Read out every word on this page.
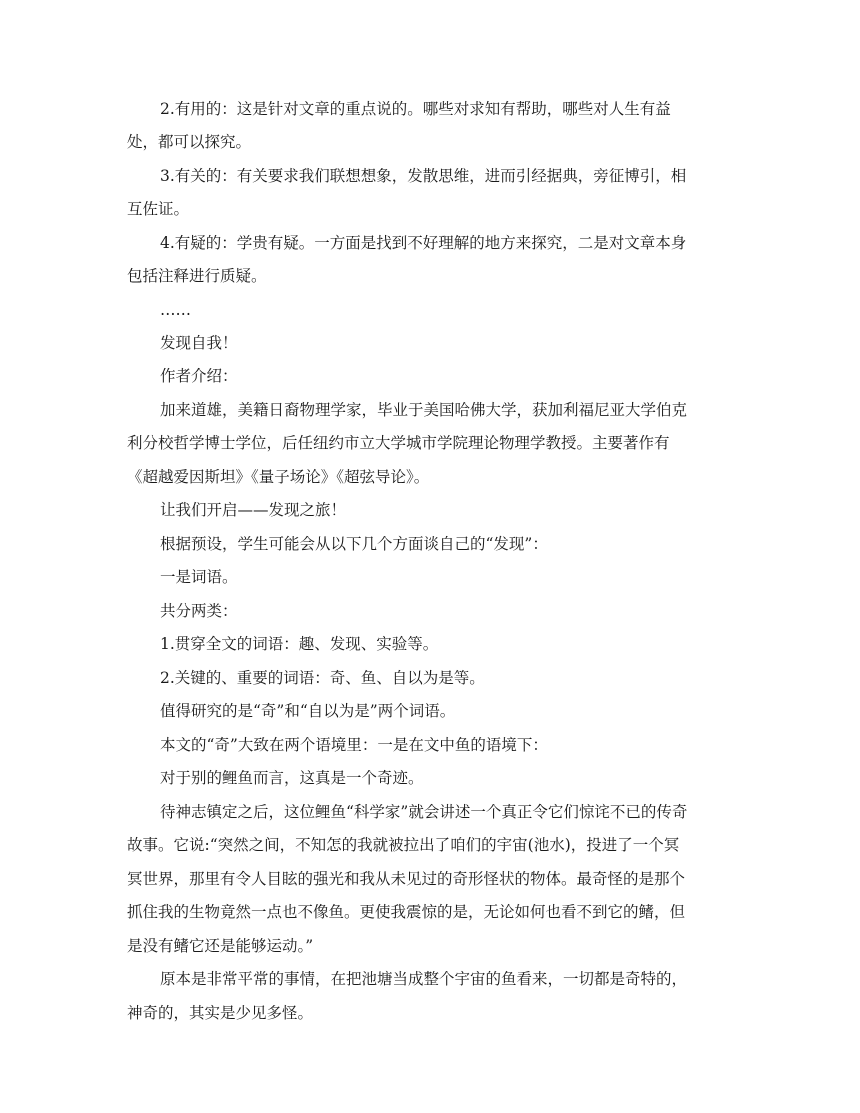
2.有用的：这是针对文章的重点说的。哪些对求知有帮助，哪些对人生有益
处，都可以探究。
3.有关的：有关要求我们联想想象，发散思维，进而引经据典，旁征博引，相
互佐证。
4.有疑的：学贵有疑。一方面是找到不好理解的地方来探究，二是对文章本身
包括注释进行质疑。
……
发现自我！
作者介绍：
加来道雄，美籍日裔物理学家，毕业于美国哈佛大学，获加利福尼亚大学伯克
利分校哲学博士学位，后任纽约市立大学城市学院理论物理学教授。主要著作有
《超越爱因斯坦》《量子场论》《超弦导论》。
让我们开启——发现之旅！
根据预设，学生可能会从以下几个方面谈自己的“发现”：
一是词语。
共分两类：
1.贯穿全文的词语：趣、发现、实验等。
2.关键的、重要的词语：奇、鱼、自以为是等。
值得研究的是“奇”和“自以为是”两个词语。
本文的“奇”大致在两个语境里：一是在文中鱼的语境下：
对于别的鲤鱼而言，这真是一个奇迹。
待神志镇定之后，这位鲤鱼“科学家”就会讲述一个真正令它们惊诧不已的传奇
故事。它说:“突然之间，不知怎的我就被拉出了咱们的宇宙(池水)，投进了一个冥
冥世界，那里有令人目眩的强光和我从未见过的奇形怪状的物体。最奇怪的是那个
抓住我的生物竟然一点也不像鱼。更使我震惊的是，无论如何也看不到它的鳍，但
是没有鳍它还是能够运动。”
原本是非常平常的事情，在把池塘当成整个宇宙的鱼看来，一切都是奇特的，
神奇的，其实是少见多怪。
